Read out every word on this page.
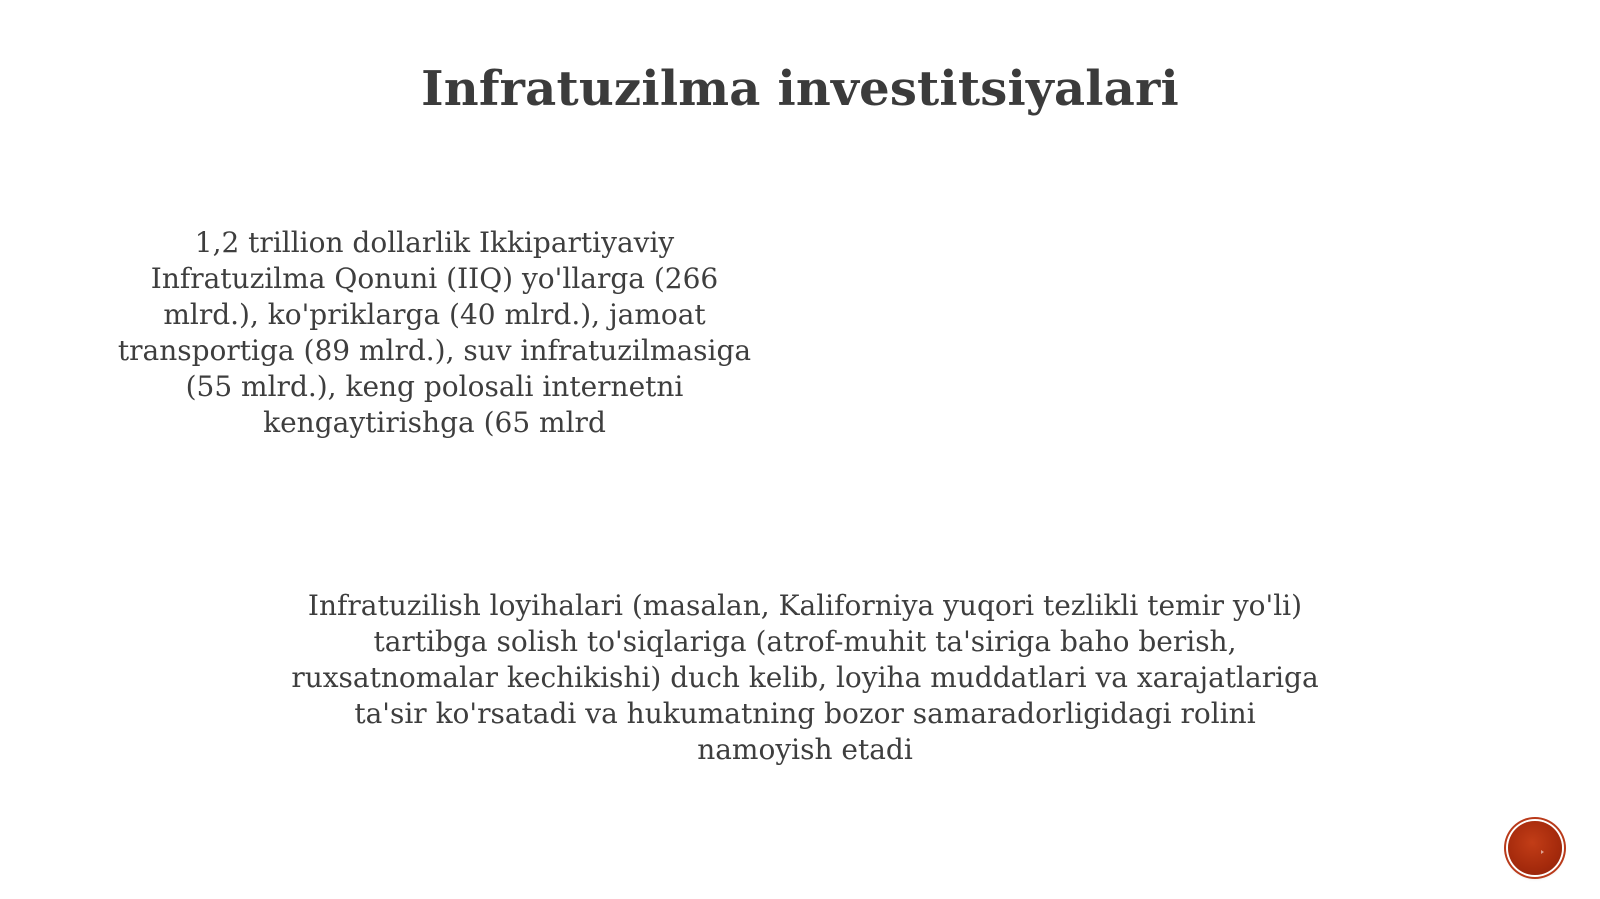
Infratuzilma investitsiyalari

1,2 trillion dollarlik Ikkipartiyaviy Infratuzilma Qonuni (IIQ) yo'llarga (266 mlrd.), ko'priklarga (40 mlrd.), jamoat transportiga (89 mlrd.), suv infratuzilmasiga (55 mlrd.), keng polosali internetni kengaytirishga (65 mlrd

Infratuzilish loyihalari (masalan, Kaliforniya yuqori tezlikli temir yo'li) tartibga solish to'siqlariga (atrof-muhit ta'siriga baho berish, ruxsatnomalar kechikishi) duch kelib, loyiha muddatlari va xarajatlariga ta'sir ko'rsatadi va hukumatning bozor samaradorligidagi rolini namoyish etadi
